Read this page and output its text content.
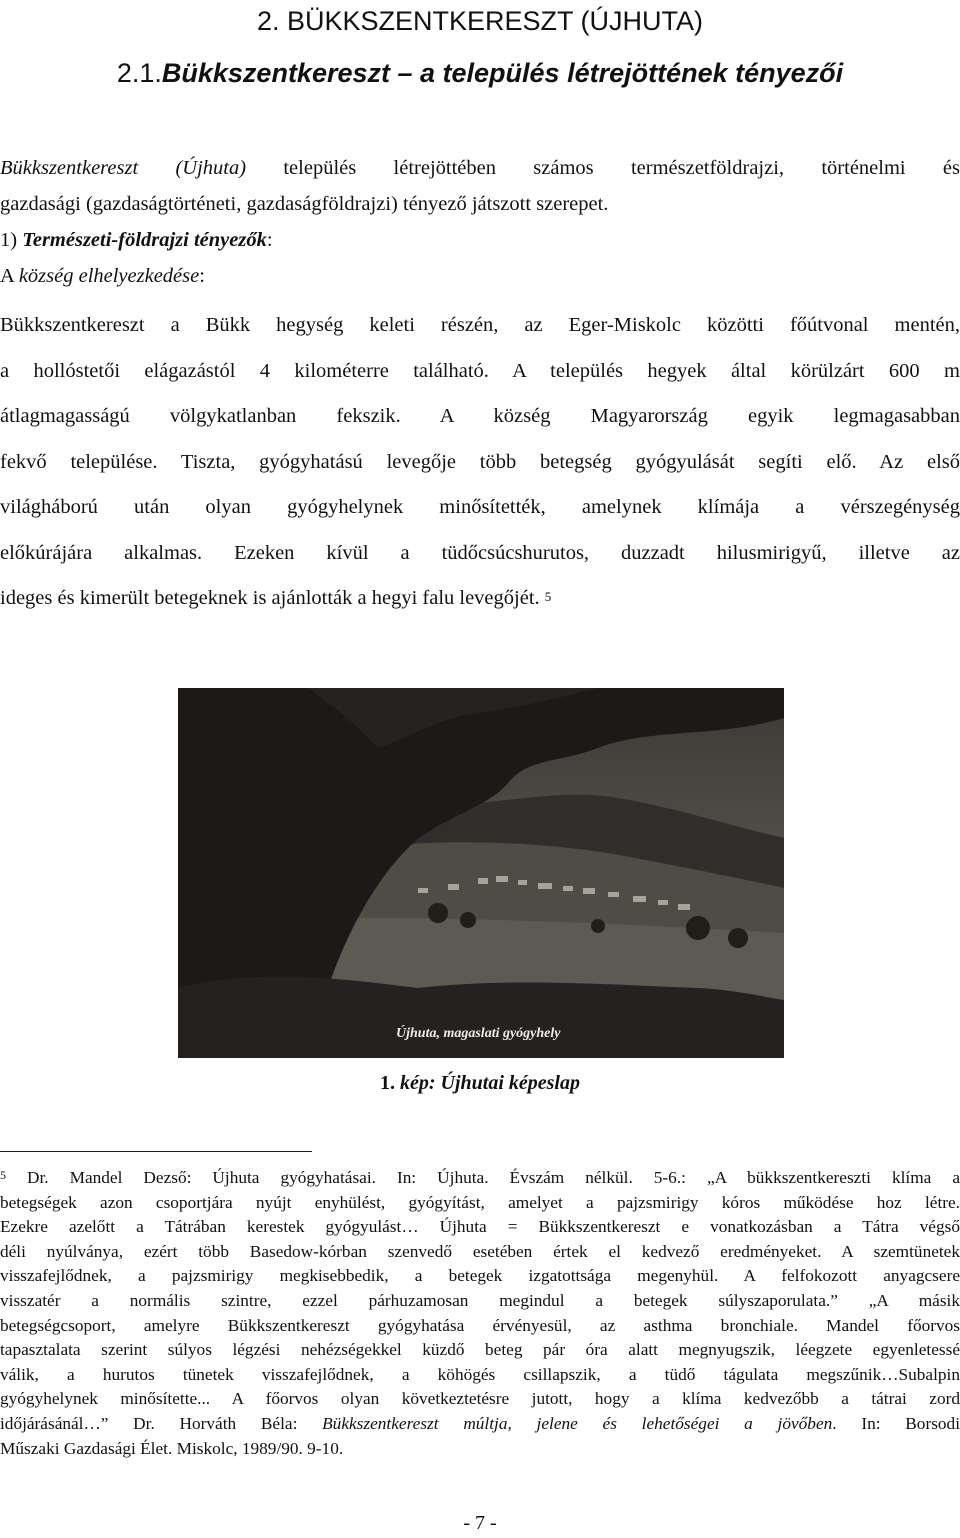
2. BÜKKSZENTKERESZT (ÚJHUTA)
2.1.Bükkszentkereszt – a település létrejöttének tényezői

Bükkszentkereszt (Újhuta) település létrejöttében számos természetföldrajzi, történelmi és

gazdasági (gazdaságtörténeti, gazdaságföldrajzi) tényező játszott szerepet.

1) Természeti-földrajzi tényezők:

A község elhelyezkedése:

Bükkszentkereszt a Bükk hegység keleti részén, az Eger-Miskolc közötti főútvonal mentén,

a hollóstetői elágazástól 4 kilométerre található. A település hegyek által körülzárt 600 m

átlagmagasságú völgykatlanban fekszik. A község Magyarország egyik legmagasabban

fekvő települése. Tiszta, gyógyhatású levegője több betegség gyógyulását segíti elő. Az első

világháború után olyan gyógyhelynek minősítették, amelynek klímája a vérszegénység

előkúrájára alkalmas. Ezeken kívül a tüdőcsúcshurutos, duzzadt hilusmirigyű, illetve az

ideges és kimerült betegeknek is ajánlották a hegyi falu levegőjét. $^5$

Újhuta, magaslati gyógyhely
1. kép: Újhutai képeslap

$^5$ Dr. Mandel Dezső: Újhuta gyógyhatásai. In: Újhuta. Évszám nélkül. 5-6.: „A bükkszentkereszti klíma a

betegségek azon csoportjára nyújt enyhülést, gyógyítást, amelyet a pajzsmirigy kóros működése hoz létre.

Ezekre azelőtt a Tátrában kerestek gyógyulást… Újhuta = Bükkszentkereszt e vonatkozásban a Tátra végső

déli nyúlványa, ezért több Basedow-kórban szenvedő esetében értek el kedvező eredményeket. A szemtünetek

visszafejlődnek, a pajzsmirigy megkisebbedik, a betegek izgatottsága megenyhül. A felfokozott anyagcsere

visszatér a normális szintre, ezzel párhuzamosan megindul a betegek súlyszaporulata.” „A másik

betegségcsoport, amelyre Bükkszentkereszt gyógyhatása érvényesül, az asthma bronchiale. Mandel főorvos

tapasztalata szerint súlyos légzési nehézségekkel küzdő beteg pár óra alatt megnyugszik, léegzete egyenletessé

válik, a hurutos tünetek visszafejlődnek, a köhögés csillapszik, a tüdő tágulata megszűnik…Subalpin

gyógyhelynek minősítette... A főorvos olyan következtetésre jutott, hogy a klíma kedvezőbb a tátrai zord

időjárásánál…” Dr. Horváth Béla: Bükkszentkereszt múltja, jelene és lehetőségei a jövőben. In: Borsodi

Műszaki Gazdasági Élet. Miskolc, 1989/90. 9-10.

- 7 -
